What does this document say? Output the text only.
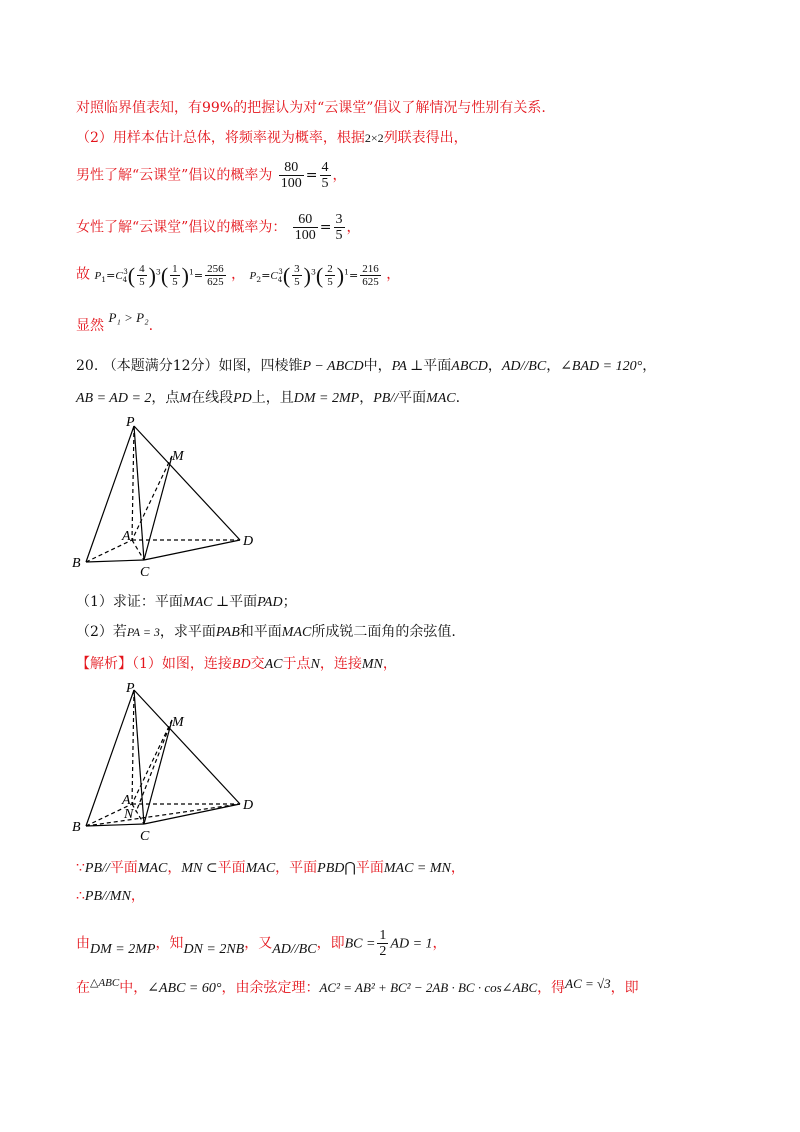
对照临界值表知，有99%的把握认为对“云课堂”倡议了解情况与性别有关系.
（2）用样本估计总体，将频率视为概率，根据2×2列联表得出，
男性了解“云课堂”倡议的概率为 $\frac{80}{100} = \frac{4}{5}$ ，
女性了解“云课堂”倡议的概率为： $\frac{60}{100} = \frac{3}{5}$ ，
故 $P_1=C_4^3( \frac{4}{5} )^3( \frac{1}{5} )^1= \frac{256}{625}$ ， $P_2=C_4^3( \frac{3}{5} )^3( \frac{2}{5} )^1= \frac{216}{625}$ ，
显然 P₁ > P₂.
20. （本题满分12分）如图，四棱锥P − ABCD中，PA ⊥平面ABCD，AD//BC，∠BAD = 120°，
AB = AD = 2，点M在线段PD上，且DM = 2MP，PB//平面MAC.
P
M
A	D
B
C
（1）求证：平面MAC ⊥平面PAD；
（2）若PA = 3，求平面PAB和平面MAC所成锐二面角的余弦值.
【解析】（1）如图，连接BD交AC于点N，连接MN，
P
M
A
N
D
B
C
∵PB//平面MAC，MN ⊂平面MAC，平面PBD⋂平面MAC = MN，
∴PB//MN，
由DM = 2MP，知DN = 2NB，又AD//BC，即BC = $\frac{1}{2}$ AD = 1，
在$^{\triangle ABC}$中，∠ABC = 60°，由余弦定理：AC² = AB² + BC² − 2AB · BC · cos∠ABC，得AC = √3，即
